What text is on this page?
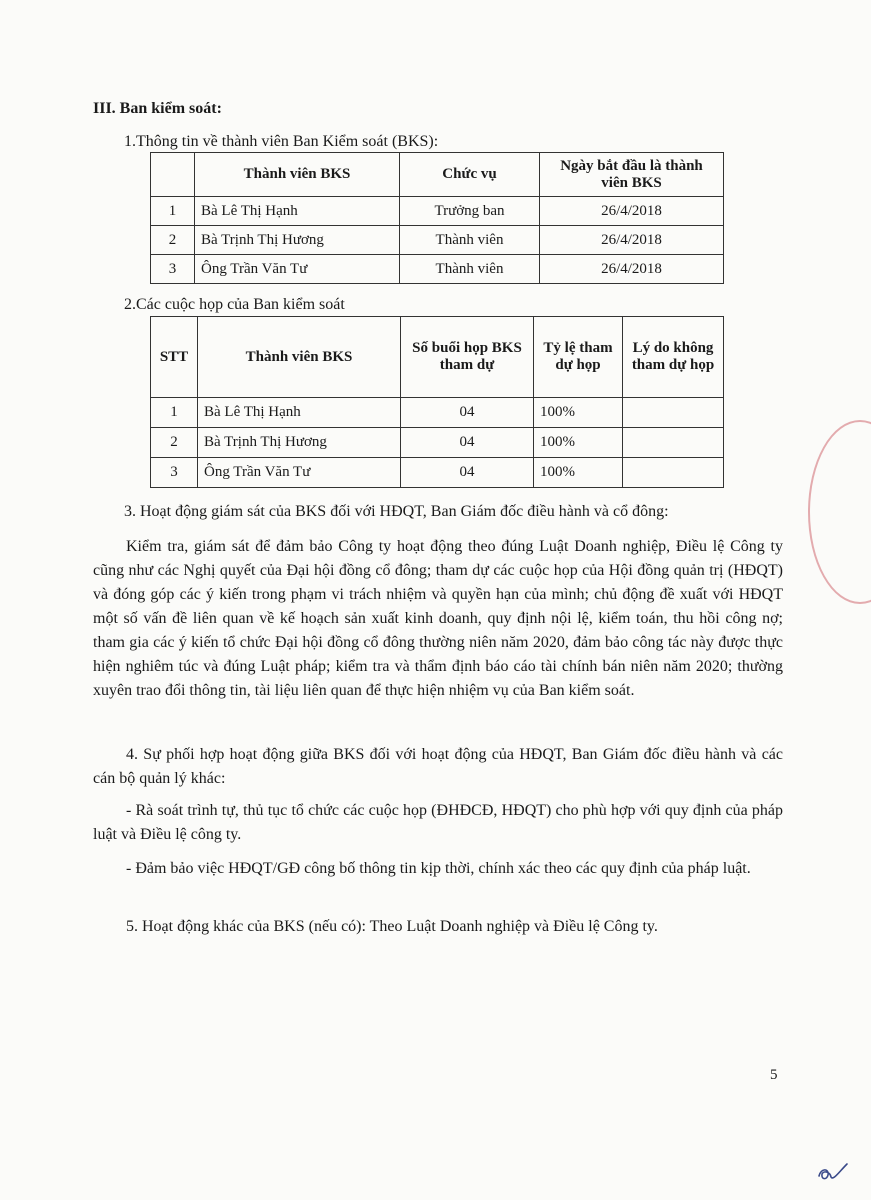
III. Ban kiểm soát:
1.Thông tin về thành viên Ban Kiểm soát (BKS):
	Thành viên BKS	Chức vụ	Ngày bắt đầu là thành viên BKS
1	Bà Lê Thị Hạnh	Trưởng ban	26/4/2018
2	Bà Trịnh Thị Hương	Thành viên	26/4/2018
3	Ông Trần Văn Tư	Thành viên	26/4/2018
2.Các cuộc họp của Ban kiểm soát
STT	Thành viên BKS	Số buổi họp BKS tham dự	Tỷ lệ tham dự họp	Lý do không tham dự họp
1	Bà Lê Thị Hạnh	04	100%	
2	Bà Trịnh Thị Hương	04	100%	
3	Ông Trần Văn Tư	04	100%	
3. Hoạt động giám sát của BKS đối với HĐQT, Ban Giám đốc điều hành và cổ đông:
Kiểm tra, giám sát để đảm bảo Công ty hoạt động theo đúng Luật Doanh nghiệp, Điều lệ Công ty cũng như các Nghị quyết của Đại hội đồng cổ đông; tham dự các cuộc họp của Hội đồng quản trị (HĐQT) và đóng góp các ý kiến trong phạm vi trách nhiệm và quyền hạn của mình; chủ động đề xuất với HĐQT một số vấn đề liên quan về kế hoạch sản xuất kinh doanh, quy định nội lệ, kiểm toán, thu hồi công nợ; tham gia các ý kiến tổ chức Đại hội đồng cổ đông thường niên năm 2020, đảm bảo công tác này được thực hiện nghiêm túc và đúng Luật pháp; kiểm tra và thẩm định báo cáo tài chính bán niên năm 2020; thường xuyên trao đổi thông tin, tài liệu liên quan để thực hiện nhiệm vụ của Ban kiểm soát.
4. Sự phối hợp hoạt động giữa BKS đối với hoạt động của HĐQT, Ban Giám đốc điều hành và các cán bộ quản lý khác:
- Rà soát trình tự, thủ tục tổ chức các cuộc họp (ĐHĐCĐ, HĐQT) cho phù hợp với quy định của pháp luật và Điều lệ công ty.
- Đảm bảo việc HĐQT/GĐ công bố thông tin kịp thời, chính xác theo các quy định của pháp luật.
5. Hoạt động khác của BKS (nếu có): Theo Luật Doanh nghiệp và Điều lệ Công ty.
5
